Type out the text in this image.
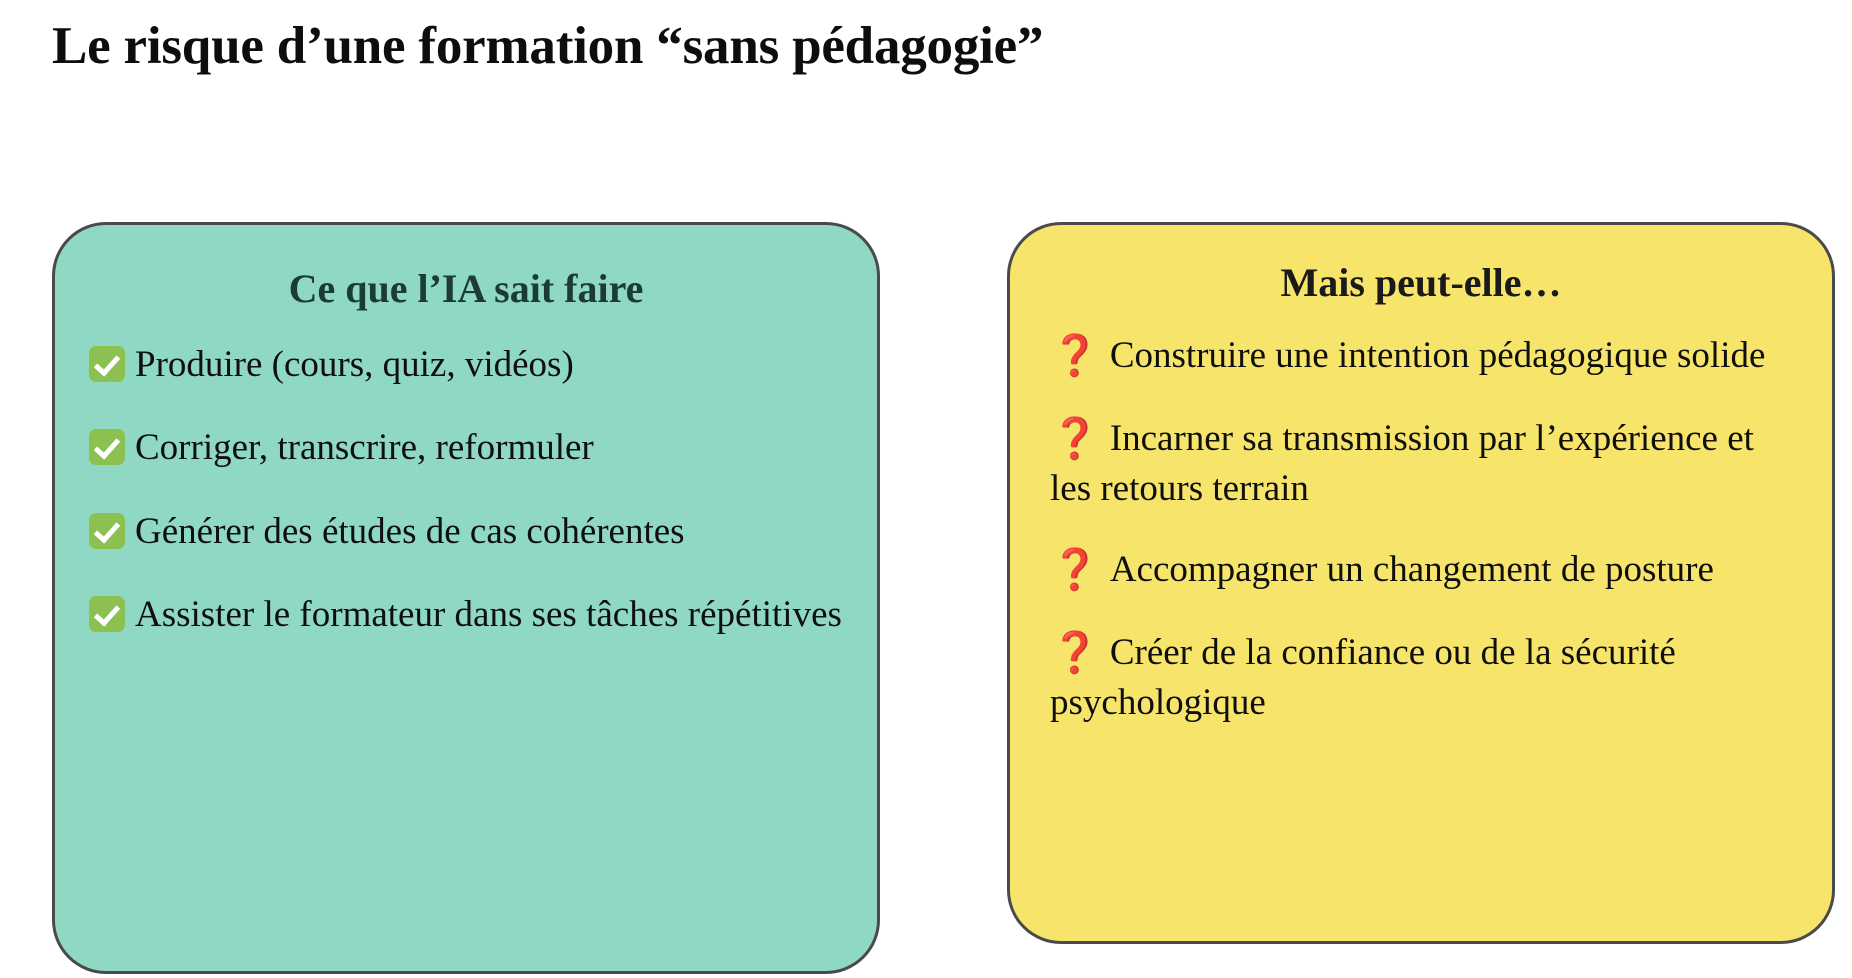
Le risque d’une formation “sans pédagogie”
Ce que l’IA sait faire
Produire (cours, quiz, vidéos)
Corriger, transcrire, reformuler
Générer des études de cas cohérentes
Assister le formateur dans ses tâches répétitives
Mais peut-elle…
❓ Construire une intention pédagogique solide
❓ Incarner sa transmission par l’expérience et les retours terrain
❓ Accompagner un changement de posture
❓ Créer de la confiance ou de la sécurité psychologique
